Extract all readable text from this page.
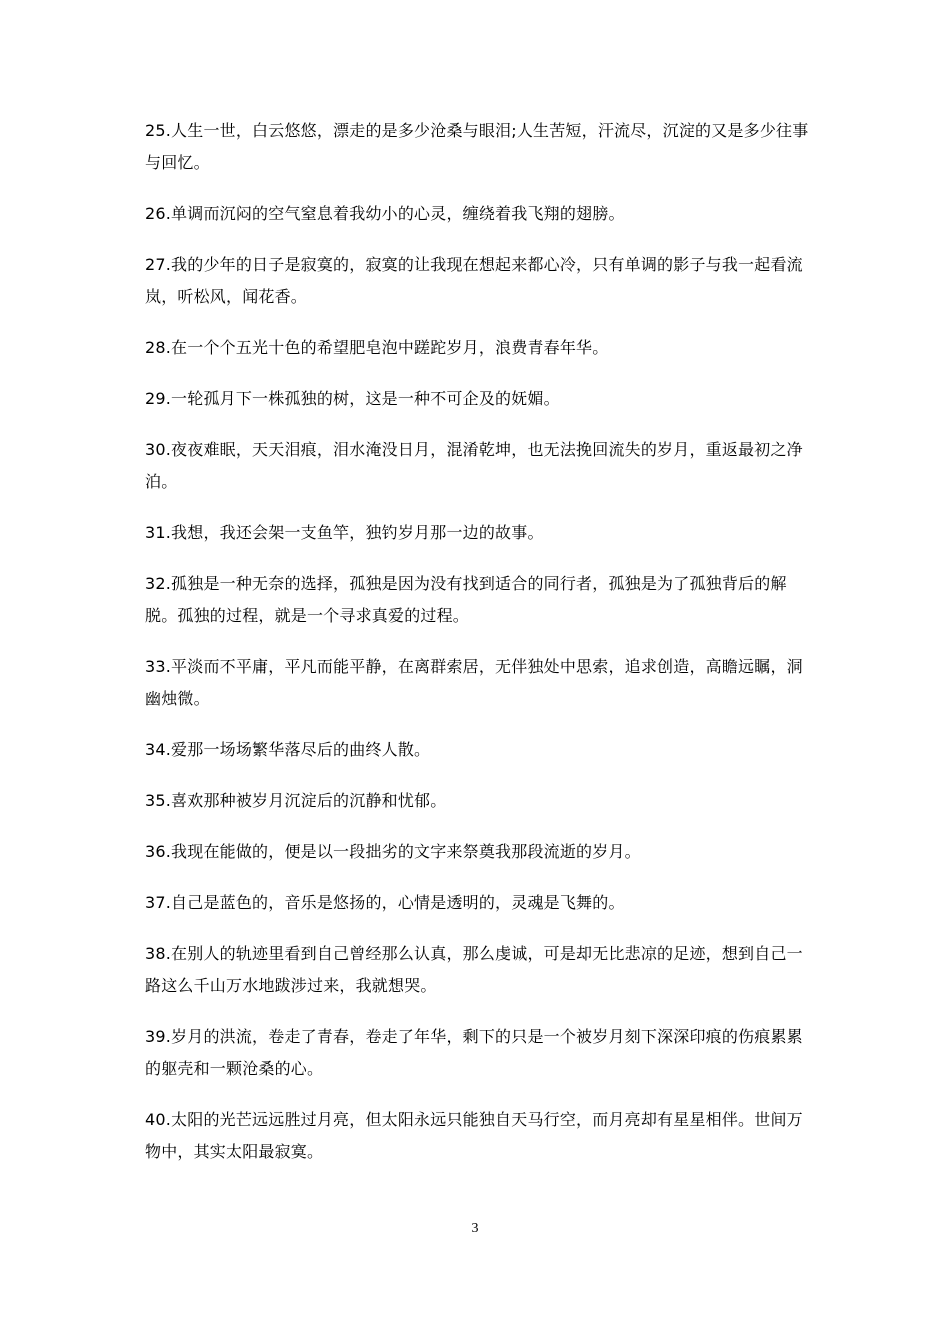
25.人生一世，白云悠悠，漂走的是多少沧桑与眼泪;人生苦短，汗流尽，沉淀的又是多少往事与回忆。

26.单调而沉闷的空气窒息着我幼小的心灵，缠绕着我飞翔的翅膀。

27.我的少年的日子是寂寞的，寂寞的让我现在想起来都心冷，只有单调的影子与我一起看流岚，听松风，闻花香。

28.在一个个五光十色的希望肥皂泡中蹉跎岁月，浪费青春年华。

29.一轮孤月下一株孤独的树，这是一种不可企及的妩媚。

30.夜夜难眠，天天泪痕，泪水淹没日月，混淆乾坤，也无法挽回流失的岁月，重返最初之净泊。

31.我想，我还会架一支鱼竿，独钓岁月那一边的故事。

32.孤独是一种无奈的选择，孤独是因为没有找到适合的同行者，孤独是为了孤独背后的解脱。孤独的过程，就是一个寻求真爱的过程。

33.平淡而不平庸，平凡而能平静，在离群索居，无伴独处中思索，追求创造，高瞻远瞩，洞幽烛微。

34.爱那一场场繁华落尽后的曲终人散。

35.喜欢那种被岁月沉淀后的沉静和忧郁。

36.我现在能做的，便是以一段拙劣的文字来祭奠我那段流逝的岁月。

37.自己是蓝色的，音乐是悠扬的，心情是透明的，灵魂是飞舞的。

38.在别人的轨迹里看到自己曾经那么认真，那么虔诚，可是却无比悲凉的足迹，想到自己一路这么千山万水地跋涉过来，我就想哭。

39.岁月的洪流，卷走了青春，卷走了年华，剩下的只是一个被岁月刻下深深印痕的伤痕累累的躯壳和一颗沧桑的心。

40.太阳的光芒远远胜过月亮，但太阳永远只能独自天马行空，而月亮却有星星相伴。世间万物中，其实太阳最寂寞。

3
